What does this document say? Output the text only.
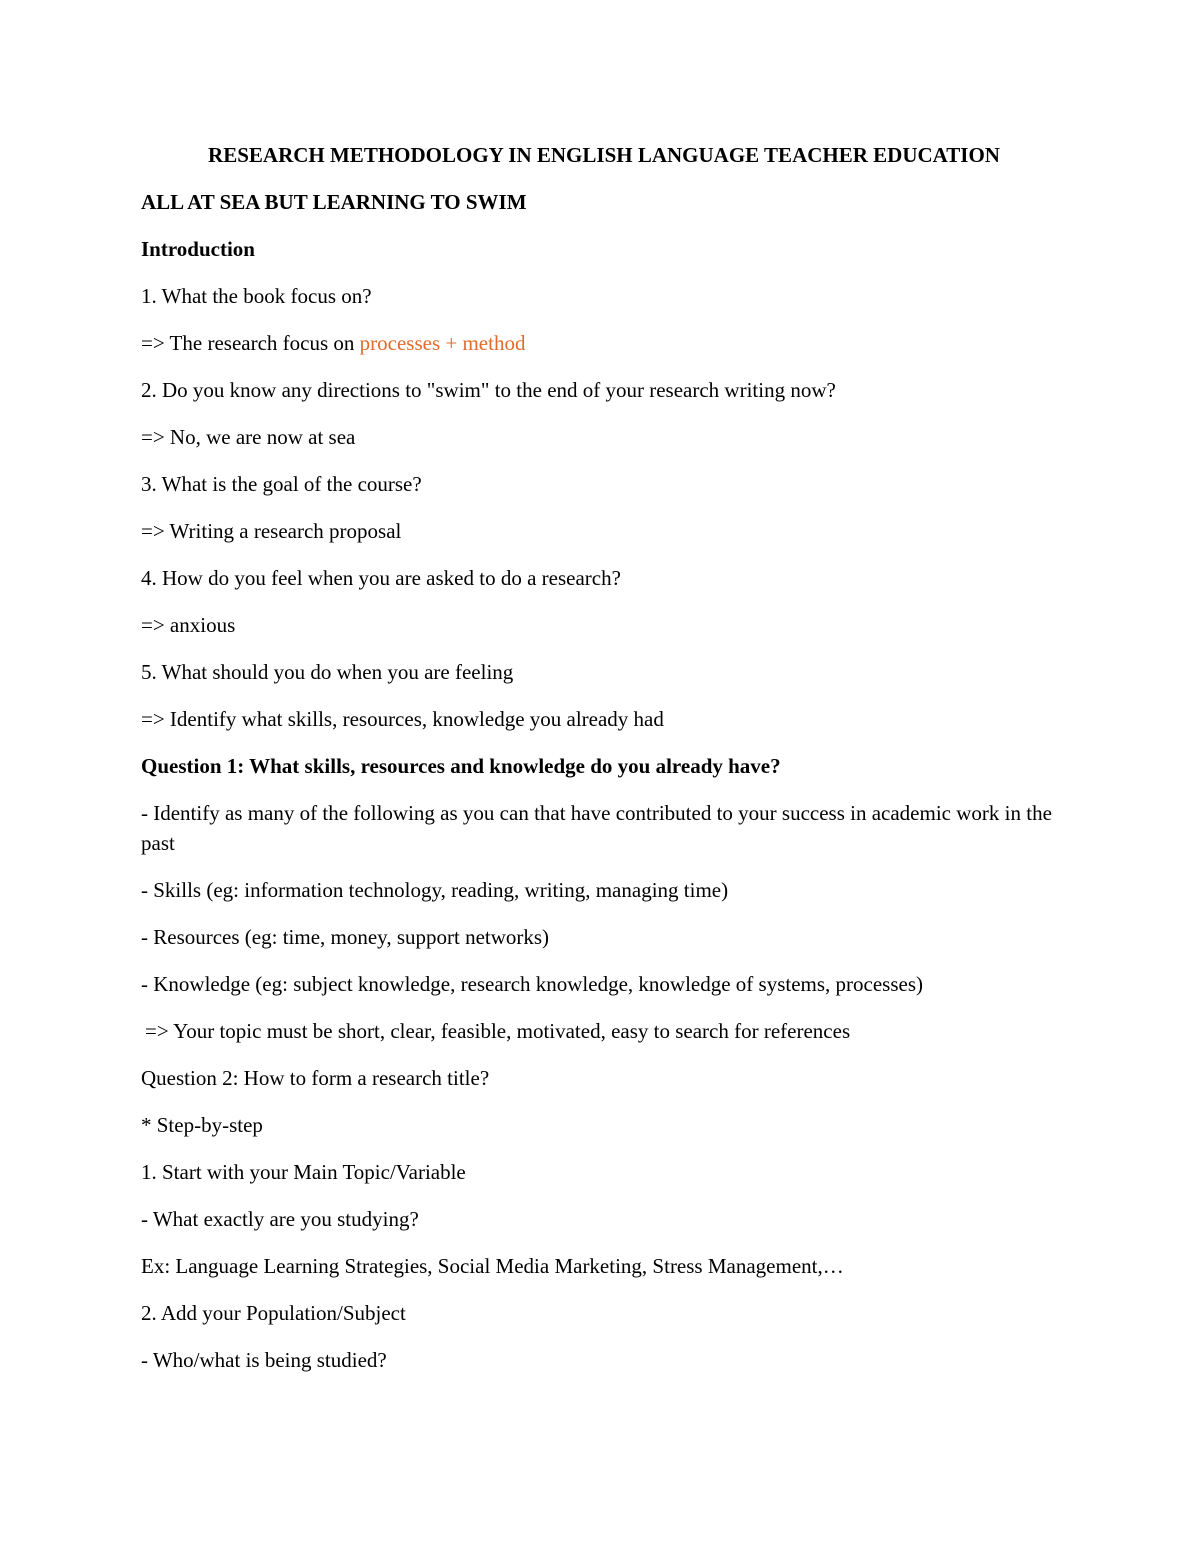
RESEARCH METHODOLOGY IN ENGLISH LANGUAGE TEACHER EDUCATION

ALL AT SEA BUT LEARNING TO SWIM

Introduction

1. What the book focus on?

=> The research focus on processes + method

2. Do you know any directions to "swim" to the end of your research writing now?

=> No, we are now at sea

3. What is the goal of the course?

=> Writing a research proposal

4. How do you feel when you are asked to do a research?

=> anxious

5. What should you do when you are feeling

=> Identify what skills, resources, knowledge you already had

Question 1: What skills, resources and knowledge do you already have?

- Identify as many of the following as you can that have contributed to your success in academic work in the past

- Skills (eg: information technology, reading, writing, managing time)

- Resources (eg: time, money, support networks)

- Knowledge (eg: subject knowledge, research knowledge, knowledge of systems, processes)

=> Your topic must be short, clear, feasible, motivated, easy to search for references

Question 2: How to form a research title?

* Step-by-step

1. Start with your Main Topic/Variable

- What exactly are you studying?

Ex: Language Learning Strategies, Social Media Marketing, Stress Management,…

2. Add your Population/Subject

- Who/what is being studied?
